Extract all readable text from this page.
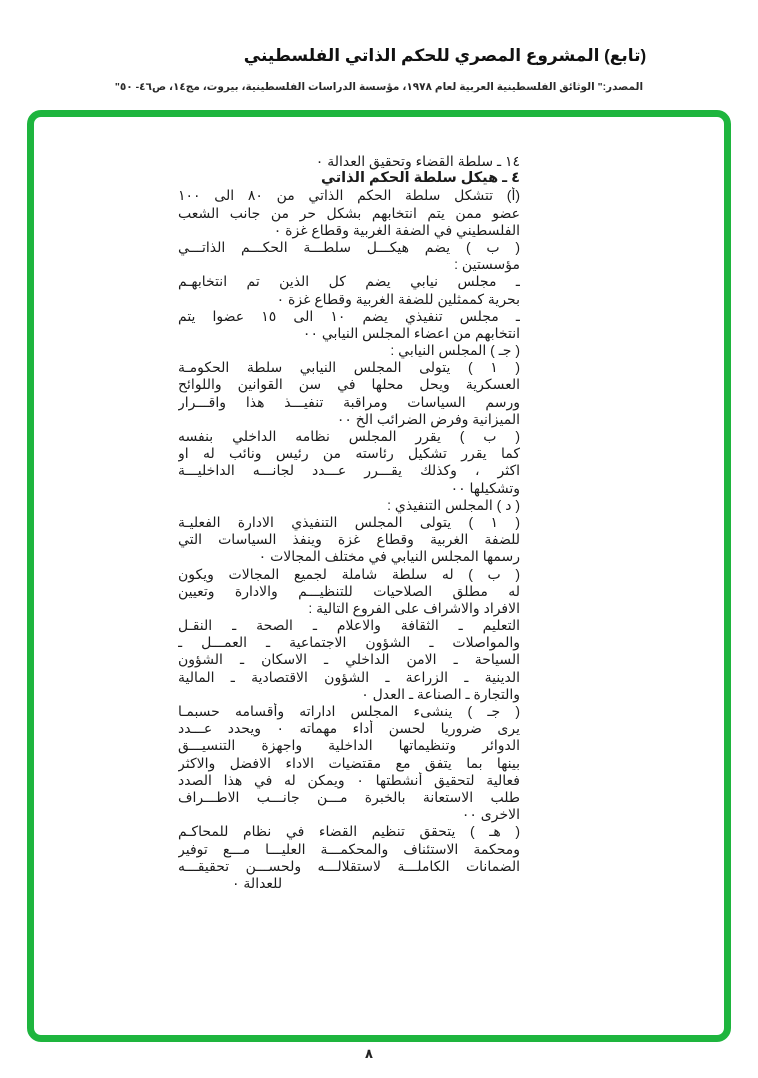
(تابع) المشروع المصري للحكم الذاتي الفلسطيني
المصدر:" الوثائق الفلسطينية العربية لعام ١٩٧٨، مؤسسة الدراسات الفلسطينية، بيروت، مج١٤، ص٤٦- ٥٠"
١٤ ـ سلطة القضاء وتحقيق العدالة ٠
٤ ـ هيكل سلطة الحكم الذاتي
(أ) تتشكل سلطة الحكم الذاتي من ٨٠ الى ١٠٠
عضو ممن يتم انتخابهم بشكل حر من جانب الشعب
الفلسطيني في الضفة الغربية وقطاع غزة ٠
( ب ) يضم هيكـــل سلطـــة الحكـــم الذاتـــي
مؤسستين :
ـ مجلس نيابي يضم كل الذين تم انتخابهـم
بحرية كممثلين للضفة الغربية وقطاع غزة ٠
ـ مجلس تنفيذي يضم ١٠ الى ١٥ عضوا يتم
انتخابهم من اعضاء المجلس النيابي ٠٠
( جـ ) المجلس النيابي :
( ١ ) يتولى المجلس النيابي سلطة الحكومـة
العسكرية ويحل محلها في سن القوانين واللوائح
ورسم السياسات ومراقبة تنفيـــذ هذا واقـــرار
الميزانية وفرض الضرائب الخ ٠٠
( ب ) يقرر المجلس نظامه الداخلي بنفسه
كما يقرر تشكيل رئاسته من رئيس ونائب له او
اكثر ، وكذلك يقـــرر عـــدد لجانـــه الداخليـــة
وتشكيلها ٠٠
( د ) المجلس التنفيذي :
( ١ ) يتولى المجلس التنفيذي الادارة الفعليـة
للضفة الغربية وقطاع غزة وينفذ السياسات التي
رسمها المجلس النيابي في مختلف المجالات ٠
( ب ) له سلطة شاملة لجميع المجالات ويكون
له مطلق الصلاحيات للتنظيـــم والادارة وتعيين
الافراد والاشراف على الفروع التالية :
التعليم ـ الثقافة والاعلام ـ الصحة ـ النقـل
والمواصلات ـ الشؤون الاجتماعية ـ العمـــل ـ
السياحة ـ الامن الداخلي ـ الاسكان ـ الشؤون
الدينية ـ الزراعة ـ الشؤون الاقتصادية ـ المالية
والتجارة ـ الصناعة ـ العدل ٠
( جـ ) ينشىء المجلس اداراته وأقسامه حسبمـا
يرى ضروريا لحسن أداء مهماته ٠ ويحدد عـــدد
الدوائر وتنظيماتها الداخلية واجهزة التنسيـــق
بينها بما يتفق مع مقتضيات الاداء الافضل والاكثر
فعالية لتحقيق أنشطتها ٠ ويمكن له في هذا الصدد
طلب الاستعانة بالخبرة مـــن جانـــب الاطـــراف
الاخرى ٠٠
( هـ ) يتحقق تنظيم القضاء في نظام للمحاكـم
ومحكمة الاستئناف والمحكمـــة العليـــا مـــع توفير
الضمانات الكاملـــة لاستقلالـــه ولحســـن تحقيقـــه
للعدالة ٠
٨
